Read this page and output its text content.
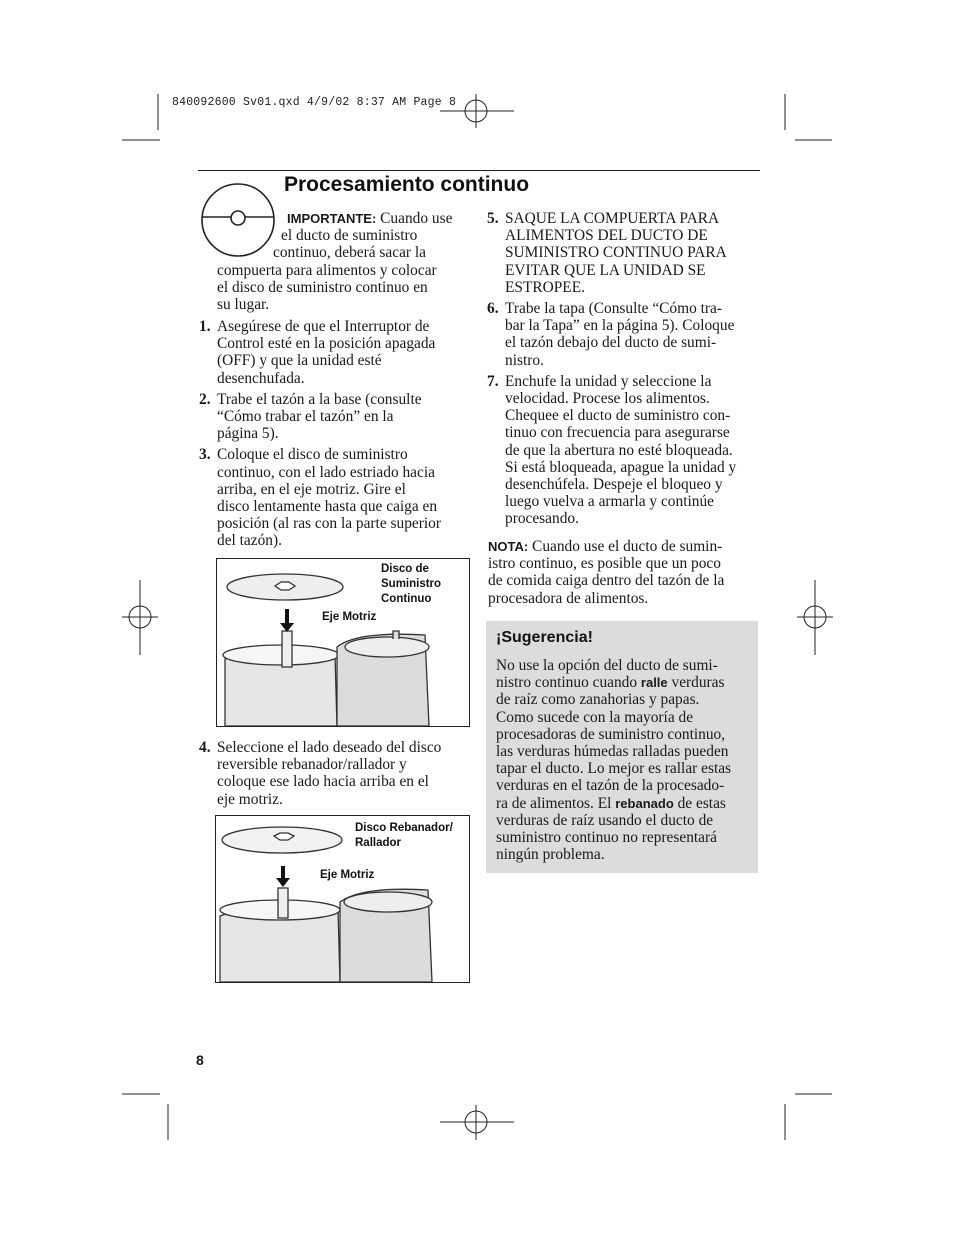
840092600 Sv01.qxd 4/9/02 8:37 AM Page 8
Procesamiento continuo
IMPORTANTE: Cuando use
el ducto de suministro
continuo, deberá sacar la
compuerta para alimentos y colocar
el disco de suministro continuo en
su lugar.
1. Asegúrese de que el Interruptor de
Control esté en la posición apagada
(OFF) y que la unidad esté
desenchufada.
2. Trabe el tazón a la base (consulte
“Cómo trabar el tazón” en la
página 5).
3. Coloque el disco de suministro
continuo, con el lado estriado hacia
arriba, en el eje motriz. Gire el
disco lentamente hasta que caiga en
posición (al ras con la parte superior
del tazón).
Disco de
Suministro
Continuo
Eje Motriz
4. Seleccione el lado deseado del disco
reversible rebanador/rallador y
coloque ese lado hacia arriba en el
eje motriz.
Disco Rebanador/
Rallador
Eje Motriz
5. SAQUE LA COMPUERTA PARA
ALIMENTOS DEL DUCTO DE
SUMINISTRO CONTINUO PARA
EVITAR QUE LA UNIDAD SE
ESTROPEE.
6. Trabe la tapa (Consulte “Cómo tra-
bar la Tapa” en la página 5). Coloque
el tazón debajo del ducto de sumi-
nistro.
7. Enchufe la unidad y seleccione la
velocidad. Procese los alimentos.
Chequee el ducto de suministro con-
tinuo con frecuencia para asegurarse
de que la abertura no esté bloqueada.
Si está bloqueada, apague la unidad y
desenchúfela. Despeje el bloqueo y
luego vuelva a armarla y continúe
procesando.
NOTA: Cuando use el ducto de sumin-
istro continuo, es posible que un poco
de comida caiga dentro del tazón de la
procesadora de alimentos.
¡Sugerencia!
No use la opción del ducto de sumi-
nistro continuo cuando ralle verduras
de raíz como zanahorias y papas.
Como sucede con la mayoría de
procesadoras de suministro continuo,
las verduras húmedas ralladas pueden
tapar el ducto. Lo mejor es rallar estas
verduras en el tazón de la procesado-
ra de alimentos. El rebanado de estas
verduras de raíz usando el ducto de
suministro continuo no representará
ningún problema.
8
